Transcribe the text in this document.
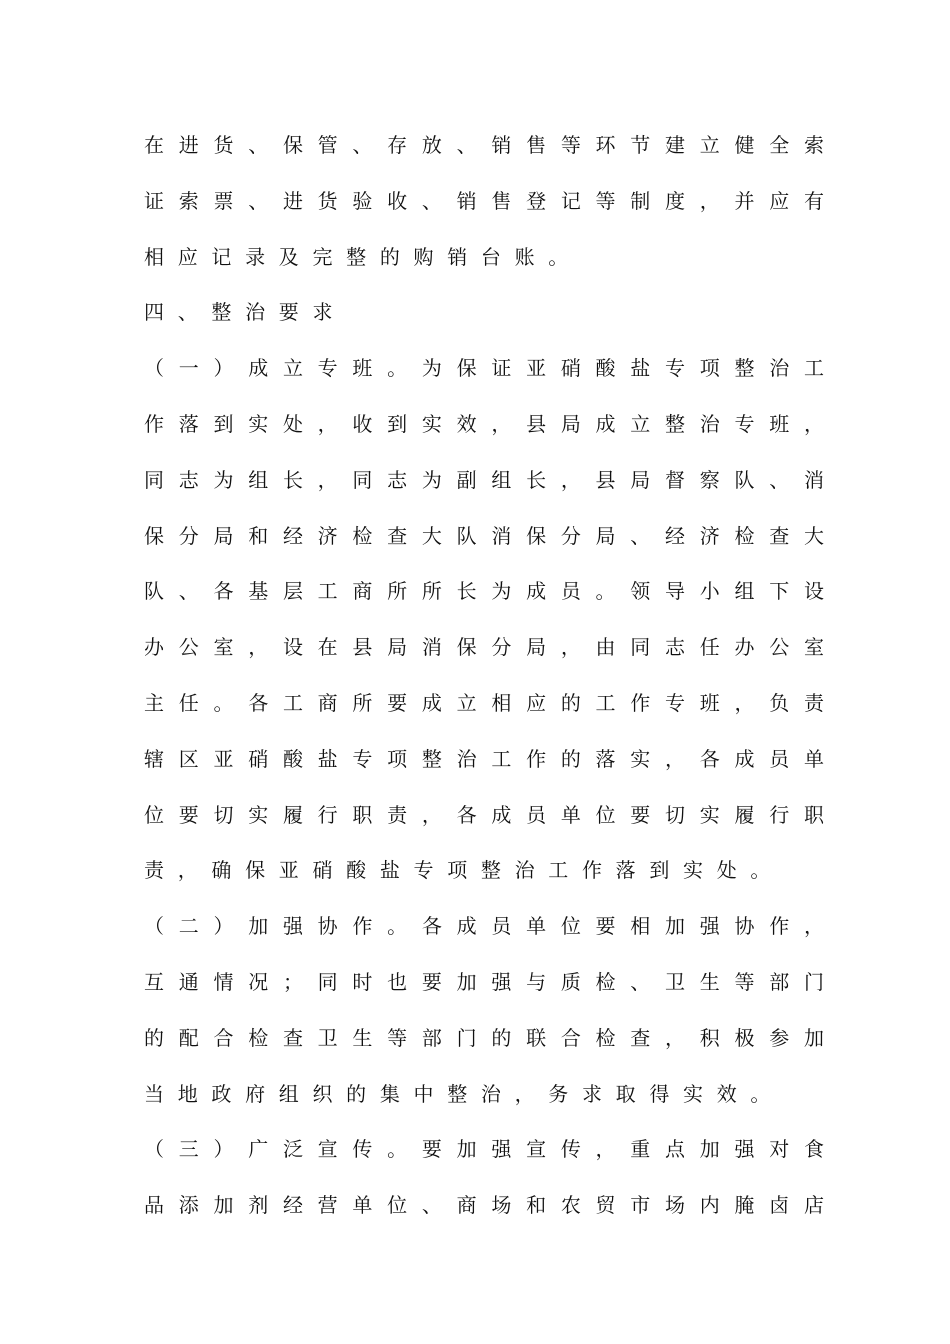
在 进 货 、 保 管 、 存 放 、 销 售 等 环 节 建 立 健 全 索
证 索 票 、 进 货 验 收 、 销 售 登 记 等 制 度 ， 并 应 有
相 应 记 录 及 完 整 的 购 销 台 账 。
四 、 整 治 要 求
（ 一 ） 成 立 专 班 。 为 保 证 亚 硝 酸 盐 专 项 整 治 工
作 落 到 实 处 ， 收 到 实 效 ， 县 局 成 立 整 治 专 班 ，
同 志 为 组 长 ， 同 志 为 副 组 长 ， 县 局 督 察 队 、 消
保 分 局 和 经 济 检 查 大 队 消 保 分 局 、 经 济 检 查 大
队 、 各 基 层 工 商 所 所 长 为 成 员 。 领 导 小 组 下 设
办 公 室 ， 设 在 县 局 消 保 分 局 ， 由 同 志 任 办 公 室
主 任 。 各 工 商 所 要 成 立 相 应 的 工 作 专 班 ， 负 责
辖 区 亚 硝 酸 盐 专 项 整 治 工 作 的 落 实 ， 各 成 员 单
位 要 切 实 履 行 职 责 ， 各 成 员 单 位 要 切 实 履 行 职
责 ， 确 保 亚 硝 酸 盐 专 项 整 治 工 作 落 到 实 处 。
（ 二 ） 加 强 协 作 。 各 成 员 单 位 要 相 加 强 协 作 ，
互 通 情 况 ； 同 时 也 要 加 强 与 质 检 、 卫 生 等 部 门
的 配 合 检 查 卫 生 等 部 门 的 联 合 检 查 ， 积 极 参 加
当 地 政 府 组 织 的 集 中 整 治 ， 务 求 取 得 实 效 。
（ 三 ） 广 泛 宣 传 。 要 加 强 宣 传 ， 重 点 加 强 对 食
品 添 加 剂 经 营 单 位 、 商 场 和 农 贸 市 场 内 腌 卤 店
